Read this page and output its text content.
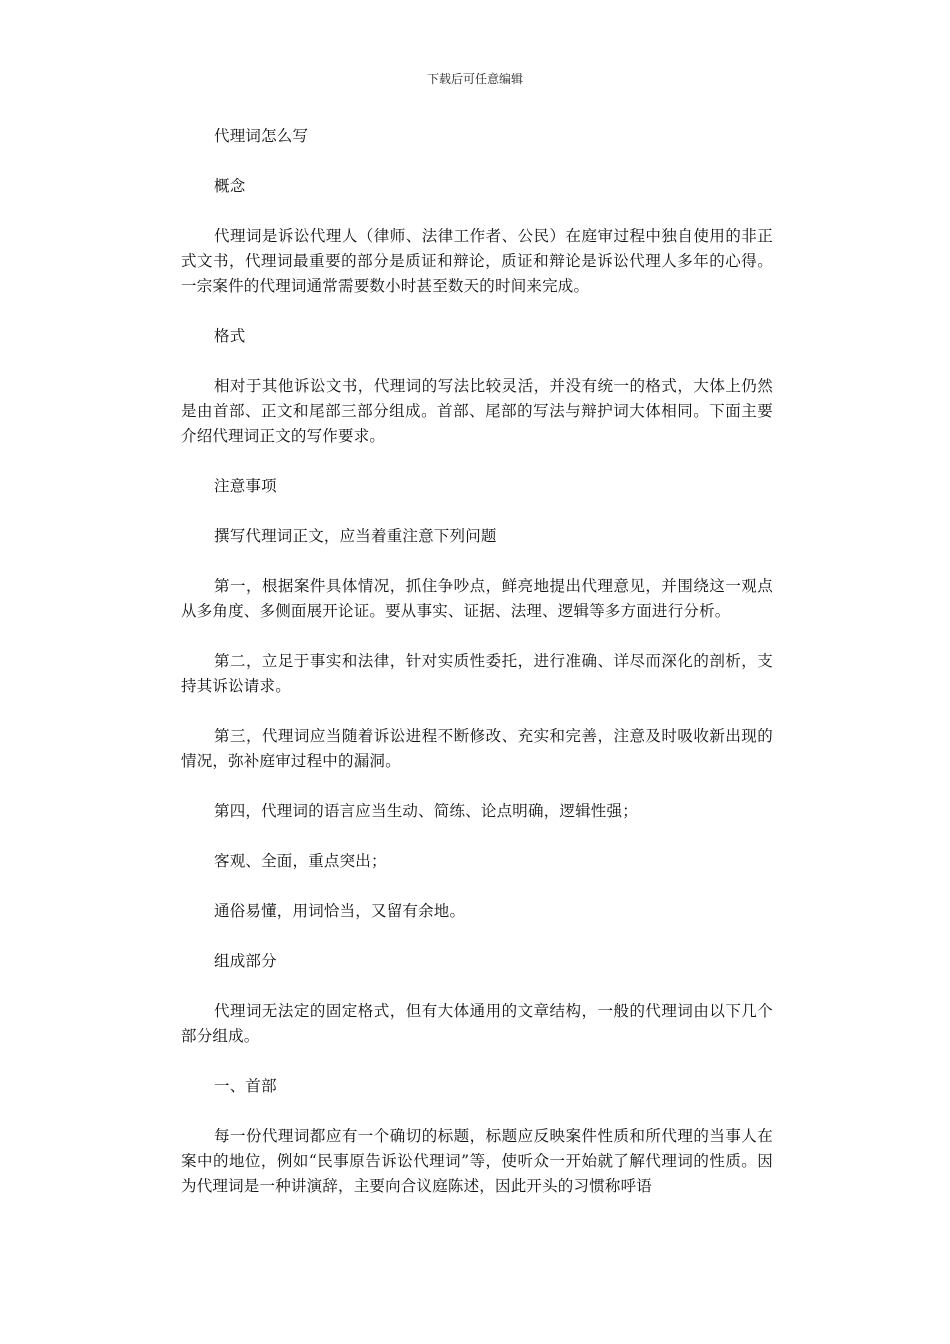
下载后可任意编辑

代理词怎么写

概念

代理词是诉讼代理人（律师、法律工作者、公民）在庭审过程中独自使用的非正式文书，代理词最重要的部分是质证和辩论，质证和辩论是诉讼代理人多年的心得。一宗案件的代理词通常需要数小时甚至数天的时间来完成。

格式

相对于其他诉讼文书，代理词的写法比较灵活，并没有统一的格式，大体上仍然是由首部、正文和尾部三部分组成。首部、尾部的写法与辩护词大体相同。下面主要介绍代理词正文的写作要求。

注意事项

撰写代理词正文，应当着重注意下列问题

第一，根据案件具体情况，抓住争吵点，鲜亮地提出代理意见，并围绕这一观点从多角度、多侧面展开论证。要从事实、证据、法理、逻辑等多方面进行分析。

第二，立足于事实和法律，针对实质性委托，进行准确、详尽而深化的剖析，支持其诉讼请求。

第三，代理词应当随着诉讼进程不断修改、充实和完善，注意及时吸收新出现的情况，弥补庭审过程中的漏洞。

第四，代理词的语言应当生动、简练、论点明确，逻辑性强；

客观、全面，重点突出；

通俗易懂，用词恰当，又留有余地。

组成部分

代理词无法定的固定格式，但有大体通用的文章结构，一般的代理词由以下几个部分组成。

一、首部

每一份代理词都应有一个确切的标题，标题应反映案件性质和所代理的当事人在案中的地位，例如“民事原告诉讼代理词”等，使听众一开始就了解代理词的性质。因为代理词是一种讲演辞，主要向合议庭陈述，因此开头的习惯称呼语
